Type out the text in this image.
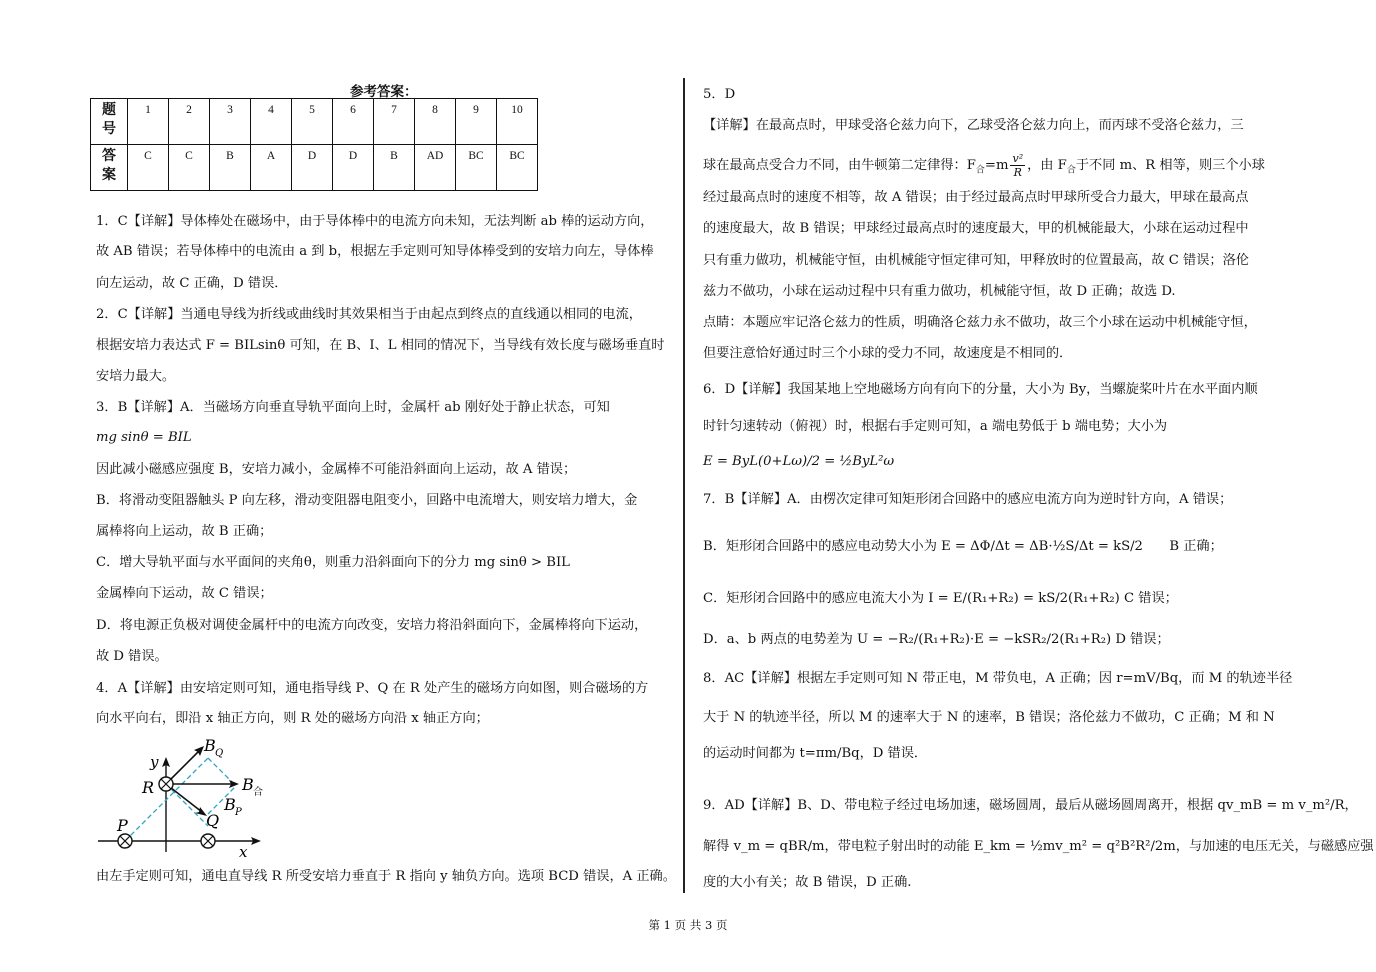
参考答案：
题号	1	2	3	4	5	6	7	8	9	10
答案	C	C	B	A	D	D	B	AD	BC	BC
1．C【详解】导体棒处在磁场中，由于导体棒中的电流方向未知，无法判断 ab 棒的运动方向，
故 AB 错误；若导体棒中的电流由 a 到 b，根据左手定则可知导体棒受到的安培力向左，导体棒
向左运动，故 C 正确，D 错误．
2．C【详解】当通电导线为折线或曲线时其效果相当于由起点到终点的直线通以相同的电流，
根据安培力表达式 F = BILsinθ 可知，在 B、I、L 相同的情况下，当导线有效长度与磁场垂直时
安培力最大。
3．B【详解】A．当磁场方向垂直导轨平面向上时，金属杆 ab 刚好处于静止状态，可知
mg sinθ = BIL
因此减小磁感应强度 B，安培力减小，金属棒不可能沿斜面向上运动，故 A 错误；
B．将滑动变阻器触头 P 向左移，滑动变阻器电阻变小，回路中电流增大，则安培力增大，金
属棒将向上运动，故 B 正确；
C．增大导轨平面与水平面间的夹角θ，则重力沿斜面向下的分力 mg sinθ > BIL
金属棒向下运动，故 C 错误；
D．将电源正负极对调使金属杆中的电流方向改变，安培力将沿斜面向下，金属棒将向下运动，
故 D 错误。
4．A【详解】由安培定则可知，通电指导线 P、Q 在 R 处产生的磁场方向如图，则合磁场的方
向水平向右，即沿 x 轴正方向，则 R 处的磁场方向沿 x 轴正方向；
y
x
R
P	Q
B Q
B 合
B P
由左手定则可知，通电直导线 R 所受安培力垂直于 R 指向 y 轴负方向。选项 BCD 错误，A 正确。
5．D
【详解】在最高点时，甲球受洛仑兹力向下，乙球受洛仑兹力向上，而丙球不受洛仑兹力，三
球在最高点受合力不同，由牛顿第二定律得：$F_合=m \frac{\text{v²}}{R}$ ，由 $F_合$于不同 m、R 相等，则三个小球
经过最高点时的速度不相等，故 A 错误；由于经过最高点时甲球所受合力最大，甲球在最高点
的速度最大，故 B 错误；甲球经过最高点时的速度最大，甲的机械能最大，小球在运动过程中
只有重力做功，机械能守恒，由机械能守恒定律可知，甲释放时的位置最高，故 C 错误；洛伦
兹力不做功，小球在运动过程中只有重力做功，机械能守恒，故 D 正确；故选 D.
点睛：本题应牢记洛仑兹力的性质，明确洛仑兹力永不做功，故三个小球在运动中机械能守恒，
但要注意恰好通过时三个小球的受力不同，故速度是不相同的．
6．D【详解】我国某地上空地磁场方向有向下的分量，大小为 By，当螺旋桨叶片在水平面内顺
时针匀速转动（俯视）时，根据右手定则可知，a 端电势低于 b 端电势；大小为
E = ByL(0+Lω)/2 = ½ByL²ω
7．B【详解】A．由楞次定律可知矩形闭合回路中的感应电流方向为逆时针方向，A 错误；
B．矩形闭合回路中的感应电动势大小为 E = ΔΦ/Δt = ΔB·½S/Δt = kS/2　　B 正确；
C．矩形闭合回路中的感应电流大小为 I = E/(R₁+R₂) = kS/2(R₁+R₂) C 错误；
D．a、b 两点的电势差为 U = −R₂/(R₁+R₂)·E = −kSR₂/2(R₁+R₂) D 错误；
8．AC【详解】根据左手定则可知 N 带正电，M 带负电，A 正确；因 r=mV/Bq，而 M 的轨迹半径
大于 N 的轨迹半径，所以 M 的速率大于 N 的速率，B 错误；洛伦兹力不做功，C 正确；M 和 N
的运动时间都为 t=πm/Bq，D 错误．
9．AD【详解】B、D、带电粒子经过电场加速，磁场圆周，最后从磁场圆周离开，根据 qv_mB = m v_m²/R，
解得 v_m = qBR/m，带电粒子射出时的动能 E_km = ½mv_m² = q²B²R²/2m，与加速的电压无关，与磁感应强
度的大小有关；故 B 错误，D 正确.
第 1 页 共 3 页
